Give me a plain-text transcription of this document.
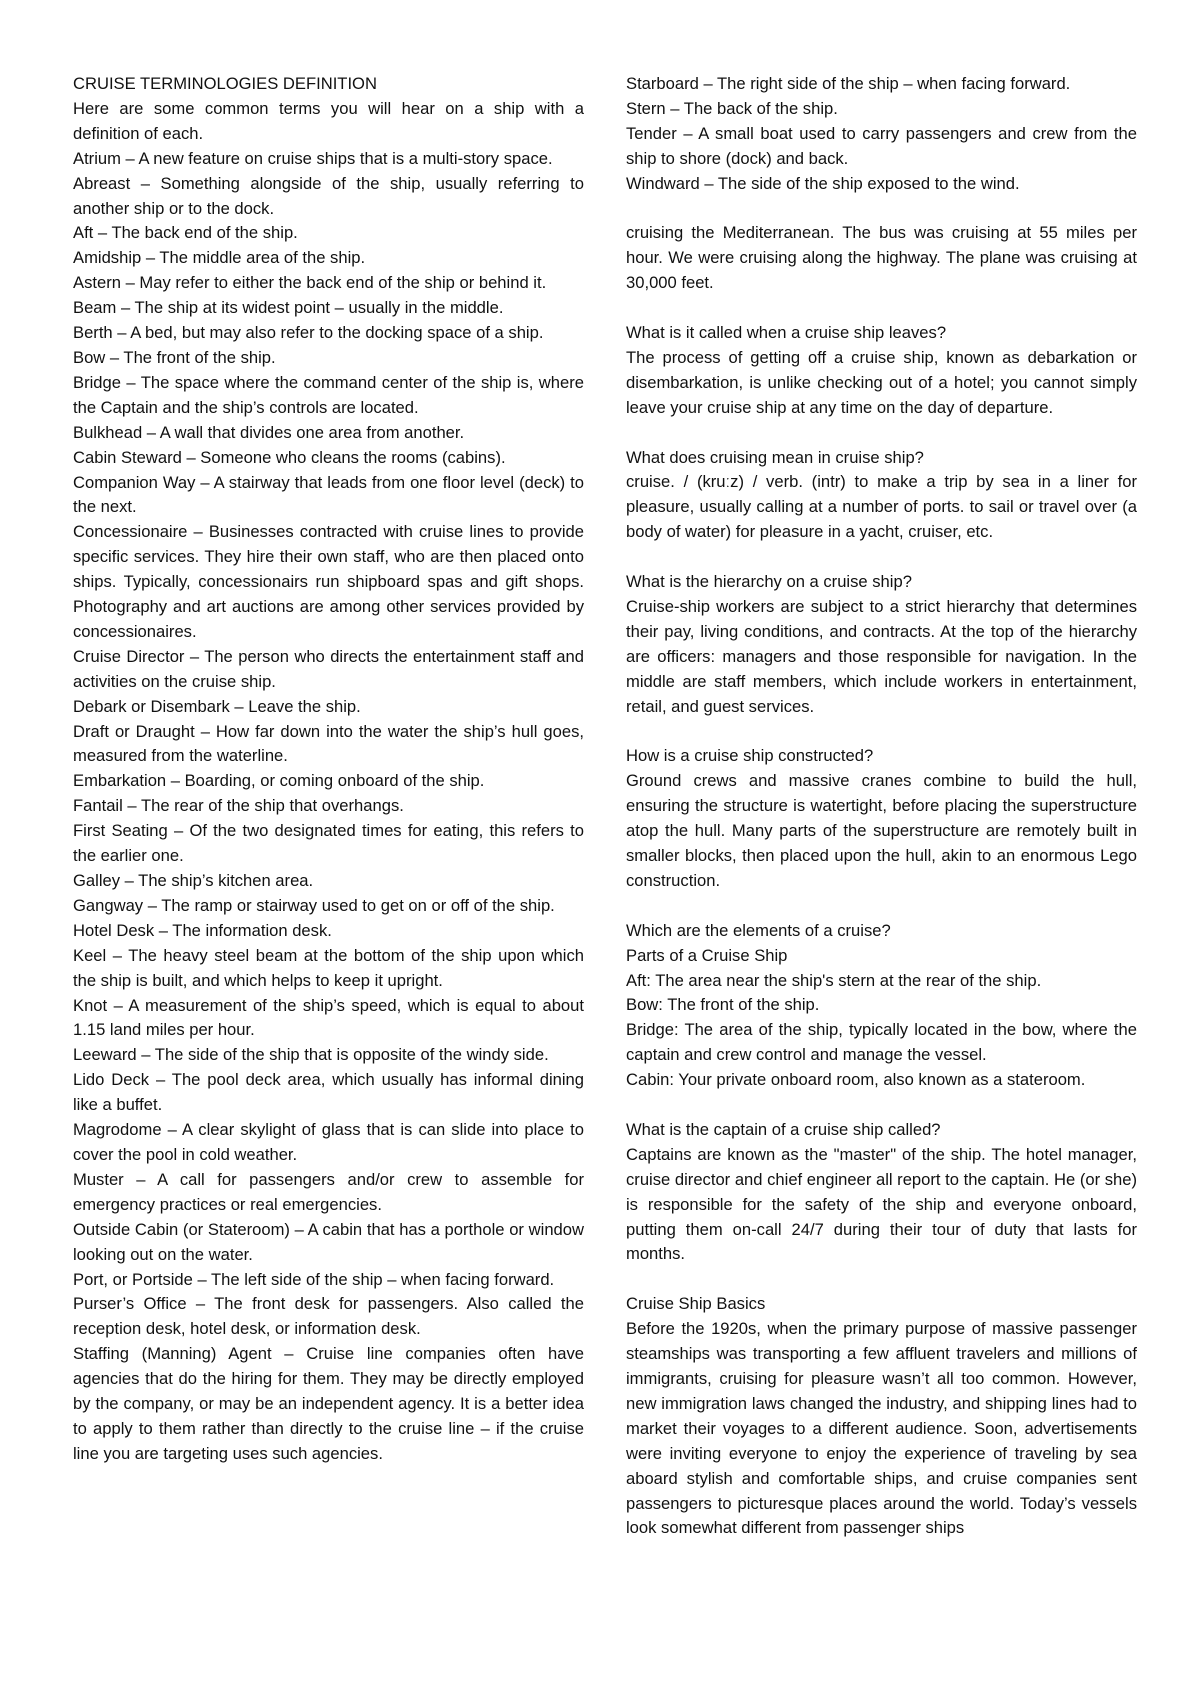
CRUISE TERMINOLOGIES DEFINITION

Here are some common terms you will hear on a ship with a definition of each.

Atrium – A new feature on cruise ships that is a multi-story space.

Abreast – Something alongside of the ship, usually referring to another ship or to the dock.

Aft – The back end of the ship.

Amidship – The middle area of the ship.

Astern – May refer to either the back end of the ship or behind it.

Beam – The ship at its widest point – usually in the middle.

Berth – A bed, but may also refer to the docking space of a ship.

Bow – The front of the ship.

Bridge – The space where the command center of the ship is, where the Captain and the ship’s controls are located.

Bulkhead – A wall that divides one area from another.

Cabin Steward – Someone who cleans the rooms (cabins).

Companion Way – A stairway that leads from one floor level (deck) to the next.

Concessionaire – Businesses contracted with cruise lines to provide specific services. They hire their own staff, who are then placed onto ships. Typically, concessionairs run shipboard spas and gift shops. Photography and art auctions are among other services provided by concessionaires.

Cruise Director – The person who directs the entertainment staff and activities on the cruise ship.

Debark or Disembark – Leave the ship.

Draft or Draught – How far down into the water the ship’s hull goes, measured from the waterline.

Embarkation – Boarding, or coming onboard of the ship.

Fantail – The rear of the ship that overhangs.

First Seating – Of the two designated times for eating, this refers to the earlier one.

Galley – The ship’s kitchen area.

Gangway – The ramp or stairway used to get on or off of the ship.

Hotel Desk – The information desk.

Keel – The heavy steel beam at the bottom of the ship upon which the ship is built, and which helps to keep it upright.

Knot – A measurement of the ship’s speed, which is equal to about 1.15 land miles per hour.

Leeward – The side of the ship that is opposite of the windy side.

Lido Deck – The pool deck area, which usually has informal dining like a buffet.

Magrodome – A clear skylight of glass that is can slide into place to cover the pool in cold weather.

Muster – A call for passengers and/or crew to assemble for emergency practices or real emergencies.

Outside Cabin (or Stateroom) – A cabin that has a porthole or window looking out on the water.

Port, or Portside – The left side of the ship – when facing forward.

Purser’s Office – The front desk for passengers. Also called the reception desk, hotel desk, or information desk.

Staffing (Manning) Agent – Cruise line companies often have agencies that do the hiring for them. They may be directly employed by the company, or may be an independent agency. It is a better idea to apply to them rather than directly to the cruise line – if the cruise line you are targeting uses such agencies.

Starboard – The right side of the ship – when facing forward.

Stern – The back of the ship.

Tender – A small boat used to carry passengers and crew from the ship to shore (dock) and back.

Windward – The side of the ship exposed to the wind.

cruising the Mediterranean. The bus was cruising at 55 miles per hour. We were cruising along the highway. The plane was cruising at 30,000 feet.

What is it called when a cruise ship leaves?

The process of getting off a cruise ship, known as debarkation or disembarkation, is unlike checking out of a hotel; you cannot simply leave your cruise ship at any time on the day of departure.

What does cruising mean in cruise ship?

cruise. / (kruːz) / verb. (intr) to make a trip by sea in a liner for pleasure, usually calling at a number of ports. to sail or travel over (a body of water) for pleasure in a yacht, cruiser, etc.

What is the hierarchy on a cruise ship?

Cruise-ship workers are subject to a strict hierarchy that determines their pay, living conditions, and contracts. At the top of the hierarchy are officers: managers and those responsible for navigation. In the middle are staff members, which include workers in entertainment, retail, and guest services.

How is a cruise ship constructed?

Ground crews and massive cranes combine to build the hull, ensuring the structure is watertight, before placing the superstructure atop the hull. Many parts of the superstructure are remotely built in smaller blocks, then placed upon the hull, akin to an enormous Lego construction.

Which are the elements of a cruise?

Parts of a Cruise Ship

Aft: The area near the ship's stern at the rear of the ship.

Bow: The front of the ship.

Bridge: The area of the ship, typically located in the bow, where the captain and crew control and manage the vessel.

Cabin: Your private onboard room, also known as a stateroom.

What is the captain of a cruise ship called?

Captains are known as the "master" of the ship. The hotel manager, cruise director and chief engineer all report to the captain. He (or she) is responsible for the safety of the ship and everyone onboard, putting them on-call 24/7 during their tour of duty that lasts for months.

Cruise Ship Basics

Before the 1920s, when the primary purpose of massive passenger steamships was transporting a few affluent travelers and millions of immigrants, cruising for pleasure wasn’t all too common. However, new immigration laws changed the industry, and shipping lines had to market their voyages to a different audience. Soon, advertisements were inviting everyone to enjoy the experience of traveling by sea aboard stylish and comfortable ships, and cruise companies sent passengers to picturesque places around the world. Today’s vessels look somewhat different from passenger ships
